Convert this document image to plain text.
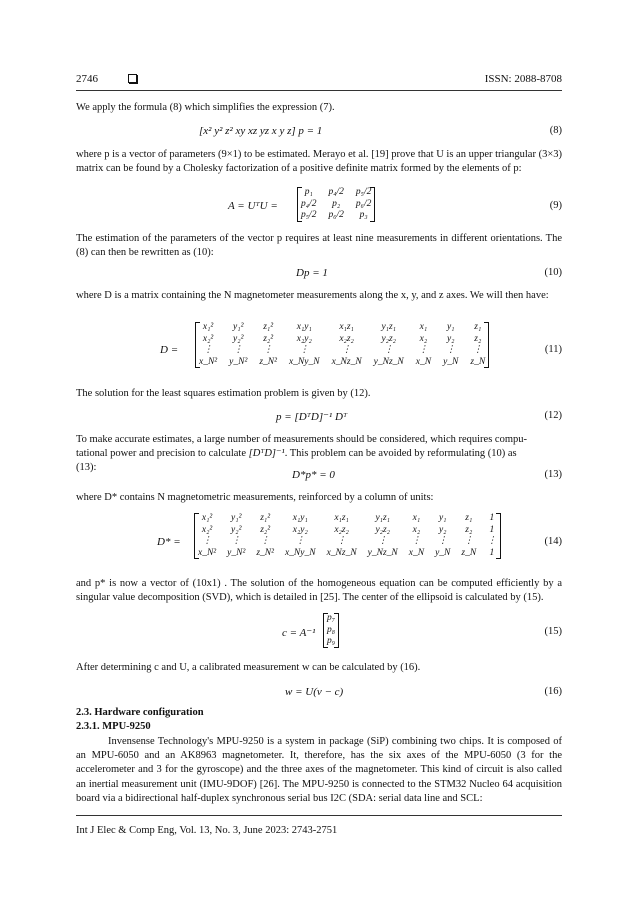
2746	ISSN: 2088-8708
We apply the formula (8) which simplifies the expression (7).
[x² y² z² xy xz yz x y z] p = 1	(8)
where p is a vector of parameters (9×1) to be estimated. Merayo et al. [19] prove that U is an upper triangular (3×3) matrix can be found by a Cholesky factorization of a positive definite matrix formed by the elements of p:
A = UᵀU =
p₁	p₄/2 p₅/2
p₄/2	p₂	p₆/2
p₅/2 p₆/2	p₃
(9)
The estimation of the parameters of the vector p requires at least nine measurements in different orientations. The (8) can then be rewritten as (10):
Dp = 1	(10)
where D is a matrix containing the N magnetometer measurements along the x, y, and z axes. We will then have:
D =
x₁²	y₁²	z₁²	x₁y₁	x₁z₁	y₁z₁	x₁	y₁	z₁
x₂²	y₂²	z₂²	x₂y₂	x₂z₂	y₂z₂	x₂	y₂	z₂
⋮	⋮	⋮	⋮	⋮	⋮	⋮	⋮	⋮
x_N² y_N² z_N² x_Ny_N x_Nz_N y_Nz_N x_N y_N z_N
(11)
The solution for the least squares estimation problem is given by (12).
p = [DᵀD]⁻¹ Dᵀ	(12)
To make accurate estimates, a large number of measurements should be considered, which requires compu-
tational power and precision to calculate [DᵀD]⁻¹. This problem can be avoided by reformulating (10) as
(13):
D*p* = 0	(13)
where D* contains N magnetometric measurements, reinforced by a column of units:
D* =
x₁²	y₁²	z₁²	x₁y₁	x₁z₁	y₁z₁	x₁	y₁	z₁	1
x₂²	y₂²	z₂²	x₂y₂	x₂z₂	y₂z₂	x₂	y₂	z₂	1
⋮	⋮	⋮	⋮	⋮	⋮	⋮	⋮	⋮ ⋮
x_N² y_N² z_N² x_Ny_N x_Nz_N y_Nz_N x_N y_N z_N 1
(14)
and p* is now a vector of (10x1) . The solution of the homogeneous equation can be computed efficiently by a singular value decomposition (SVD), which is detailed in [25]. The center of the ellipsoid is calculated by (15).
c = A⁻¹
p₇
p₈
p₉
(15)
After determining c and U, a calibrated measurement w can be calculated by (16).
w = U(v − c)	(16)
2.3. Hardware configuration
2.3.1. MPU-9250
Invensense Technology's MPU-9250 is a system in package (SiP) combining two chips. It is composed of an MPU-6050 and an AK8963 magnetometer. It, therefore, has the six axes of the MPU-6050 (3 for the accelerometer and 3 for the gyroscope) and the three axes of the magnetometer. This kind of circuit is also called an inertial measurement unit (IMU-9DOF) [26]. The MPU-9250 is connected to the STM32 Nucleo 64 acquisition board via a bidirectional half-duplex synchronous serial bus I2C (SDA: serial data line and SCL:
Int J Elec & Comp Eng, Vol. 13, No. 3, June 2023: 2743-2751
